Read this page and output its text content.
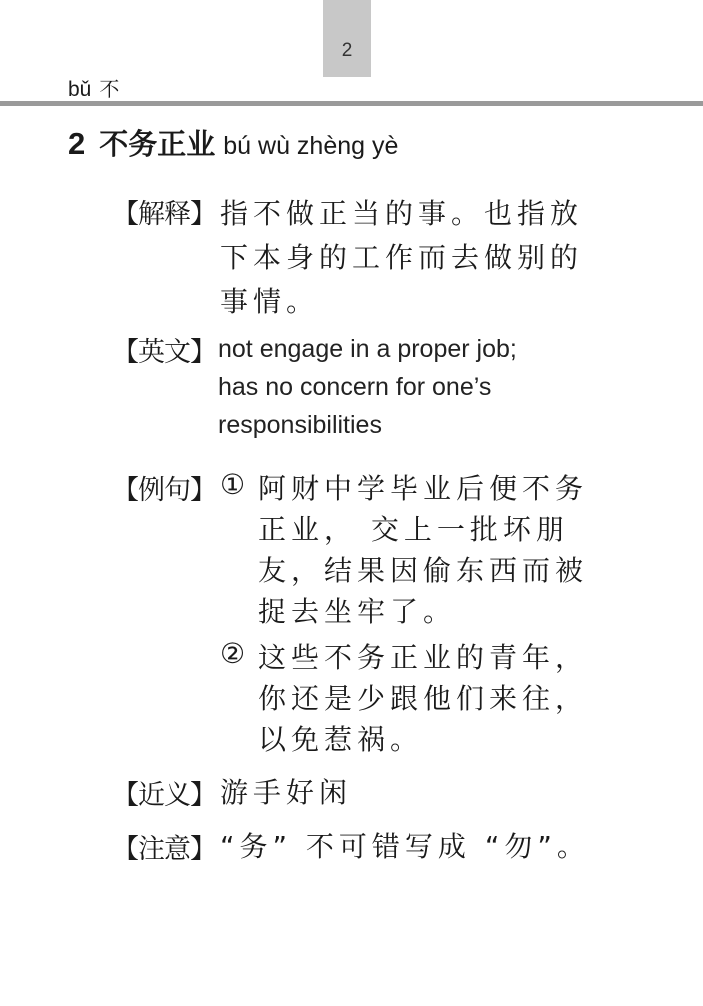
2
bǔ 不
2 不务正业 bú wù zhèng yè
【解释】 指不做正当的事。也指放
下本身的工作而去做别的
事情。
【英文】 not engage in a proper job;
has no concern for one’s
responsibilities
【例句】 ① 阿财中学毕业后便不务
正业， 交上一批坏朋
友，结果因偷东西而被
捉去坐牢了。
② 这些不务正业的青年，
你还是少跟他们来往，
以免惹祸。
【近义】 游手好闲
【注意】 “务” 不可错写成 “勿”。
